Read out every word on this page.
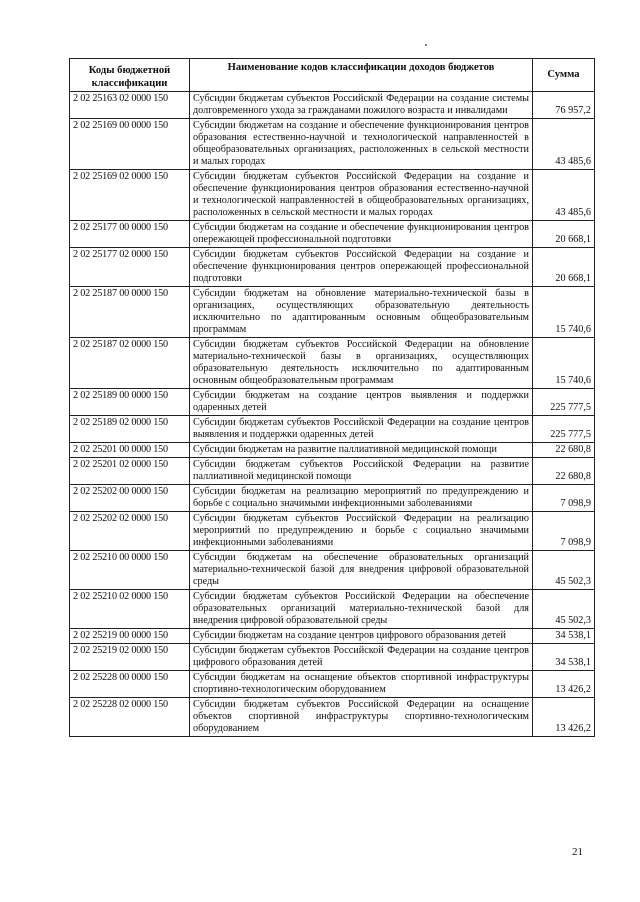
Коды бюджетной классификации	Наименование кодов классификации доходов бюджетов	Сумма
2 02 25163 02 0000 150	Субсидии бюджетам субъектов Российской Федерации на создание системы долговременного ухода за гражданами пожилого возраста и инвалидами	76 957,2
2 02 25169 00 0000 150	Субсидии бюджетам на создание и обеспечение функционирования центров образования естественно-научной и технологической направленностей в общеобразовательных организациях, расположенных в сельской местности и малых городах	43 485,6
2 02 25169 02 0000 150	Субсидии бюджетам субъектов Российской Федерации на создание и обеспечение функционирования центров образования естественно-научной и технологической направленностей в общеобразовательных организациях, расположенных в сельской местности и малых городах	43 485,6
2 02 25177 00 0000 150	Субсидии бюджетам на создание и обеспечение функционирования центров опережающей профессиональной подготовки	20 668,1
2 02 25177 02 0000 150	Субсидии бюджетам субъектов Российской Федерации на создание и обеспечение функционирования центров опережающей профессиональной подготовки	20 668,1
2 02 25187 00 0000 150	Субсидии бюджетам на обновление материально-технической базы в организациях, осуществляющих образовательную деятельность исключительно по адаптированным основным общеобразовательным программам	15 740,6
2 02 25187 02 0000 150	Субсидии бюджетам субъектов Российской Федерации на обновление материально-технической базы в организациях, осуществляющих образовательную деятельность исключительно по адаптированным основным общеобразовательным программам	15 740,6
2 02 25189 00 0000 150	Субсидии бюджетам на создание центров выявления и поддержки одаренных детей	225 777,5
2 02 25189 02 0000 150	Субсидии бюджетам субъектов Российской Федерации на создание центров выявления и поддержки одаренных детей	225 777,5
2 02 25201 00 0000 150	Субсидии бюджетам на развитие паллиативной медицинской помощи	22 680,8
2 02 25201 02 0000 150	Субсидии бюджетам субъектов Российской Федерации на развитие паллиативной медицинской помощи	22 680,8
2 02 25202 00 0000 150	Субсидии бюджетам на реализацию мероприятий по предупреждению и борьбе с социально значимыми инфекционными заболеваниями	7 098,9
2 02 25202 02 0000 150	Субсидии бюджетам субъектов Российской Федерации на реализацию мероприятий по предупреждению и борьбе с социально значимыми инфекционными заболеваниями	7 098,9
2 02 25210 00 0000 150	Субсидии бюджетам на обеспечение образовательных организаций материально-технической базой для внедрения цифровой образовательной среды	45 502,3
2 02 25210 02 0000 150	Субсидии бюджетам субъектов Российской Федерации на обеспечение образовательных организаций материально-технической базой для внедрения цифровой образовательной среды	45 502,3
2 02 25219 00 0000 150	Субсидии бюджетам на создание центров цифрового образования детей	34 538,1
2 02 25219 02 0000 150	Субсидии бюджетам субъектов Российской Федерации на создание центров цифрового образования детей	34 538,1
2 02 25228 00 0000 150	Субсидии бюджетам на оснащение объектов спортивной инфраструктуры спортивно-технологическим оборудованием	13 426,2
2 02 25228 02 0000 150	Субсидии бюджетам субъектов Российской Федерации на оснащение объектов спортивной инфраструктуры спортивно-технологическим оборудованием	13 426,2
21
